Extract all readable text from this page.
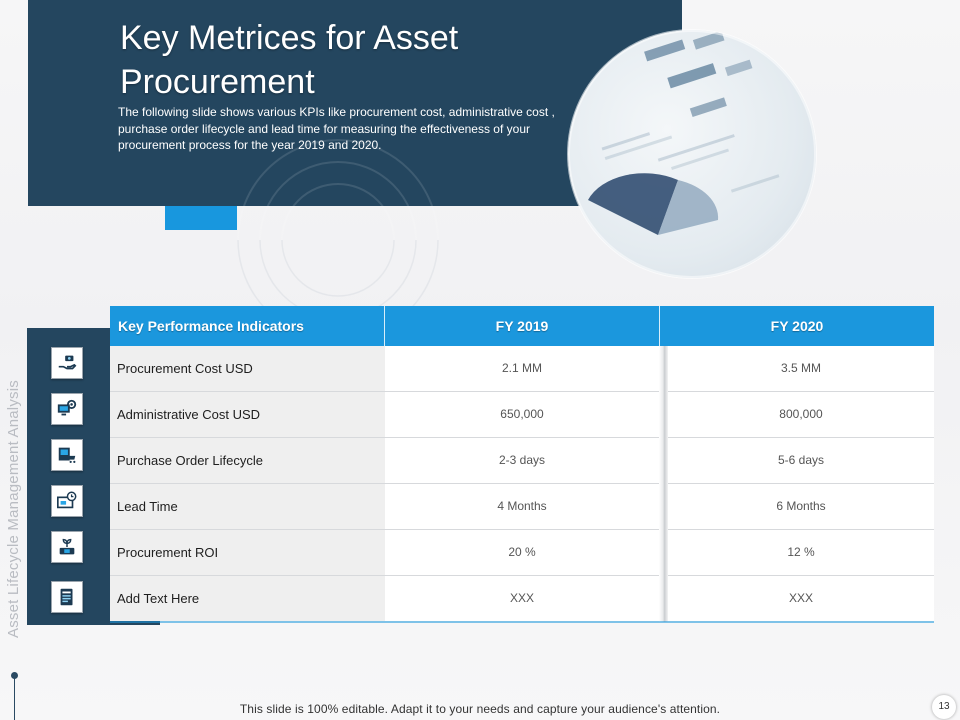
Key Metrices for Asset Procurement

The following slide shows various KPIs like procurement cost, administrative cost , purchase order lifecycle and lead time for measuring the effectiveness of your procurement process for the year 2019 and 2020.

Asset Lifecycle Management Analysis
Key Performance Indicators	FY 2019	FY 2020
Procurement Cost USD	2.1 MM	3.5 MM
Administrative Cost USD	650,000	800,000
Purchase Order Lifecycle	2-3 days	5-6 days
Lead Time	4 Months	6 Months
Procurement ROI	20 %	12 %
Add Text Here	XXX	XXX
This slide is 100% editable. Adapt it to your needs and capture your audience's attention.	13
